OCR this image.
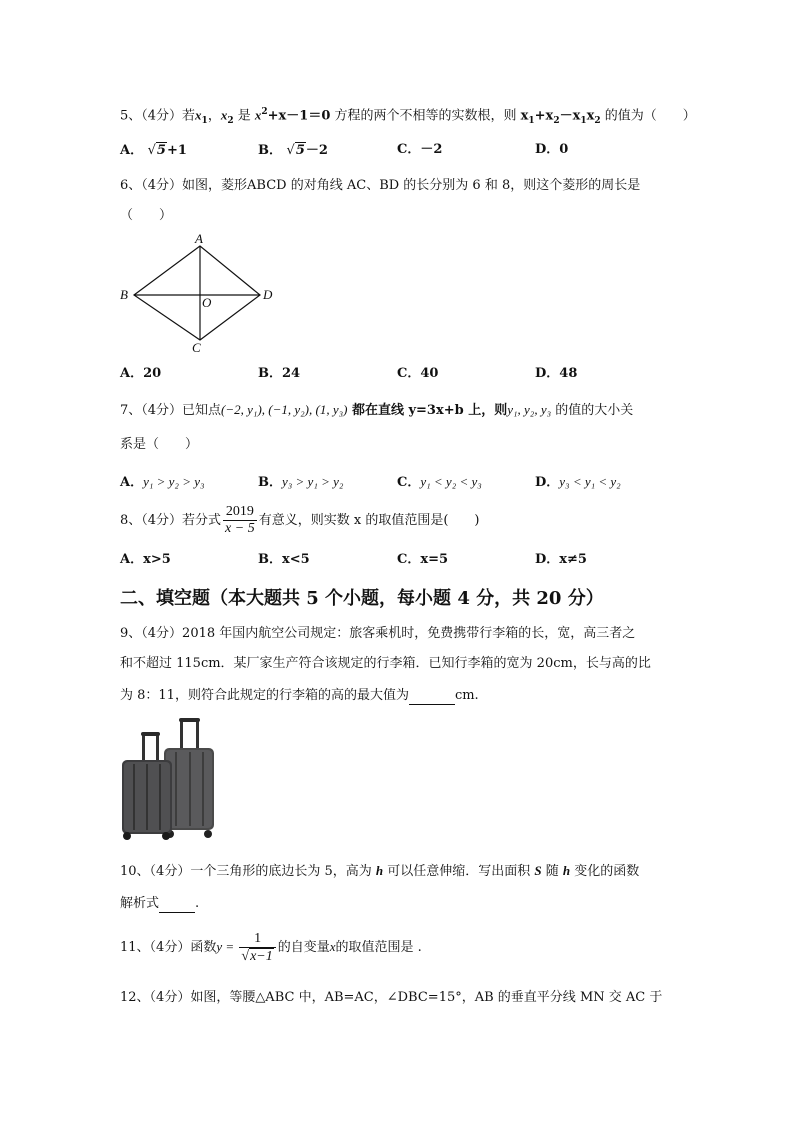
5、（4分）若$x_1$，$x_2$ 是 $x^2+x-1=0$ 方程的两个不相等的实数根，则 $x_1+x_2-x_1x_2$ 的值为（　　）
A． √5+1	B． √5－2	C．－2	D．0
6、（4分）如图，菱形ABCD 的对角线 AC、BD 的长分别为 6 和 8，则这个菱形的周长是
（　　）
A
B
C
D
O
A．20	B．24	C．40	D．48
7、（4分）已知点(−2, y₁), (−1, y₂), (1, y₃) 都在直线 y=3x+b 上，则y₁, y₂, y₃ 的值的大小关
系是（　　）
A．y₁ > y₂ > y₃	B．y₃ > y₁ > y₂	C．y₁ < y₂ < y₃	D．y₃ < y₁ < y₂
8、（4分）若分式 $\frac{2019}{x - 5}$ 有意义，则实数 x 的取值范围是(　　)
A．x>5	B．x<5	C．x=5	D．x≠5
二、填空题（本大题共 5 个小题，每小题 4 分，共 20 分）
9、（4分）2018 年国内航空公司规定：旅客乘机时，免费携带行李箱的长，宽，高三者之
和不超过 115cm．某厂家生产符合该规定的行李箱．已知行李箱的宽为 20cm，长与高的比
为 8：11，则符合此规定的行李箱的高的最大值为	cm.
10、（4分）一个三角形的底边长为 5，高为 h 可以任意伸缩．写出面积 S 随 h 变化的函数
解析式	.
11、（4分）函数$y = \frac{1}{√x-1}$ 的自变量x的取值范围是 .
12、（4分）如图，等腰△ABC 中，AB=AC，∠DBC=15°，AB 的垂直平分线 MN 交 AC 于
